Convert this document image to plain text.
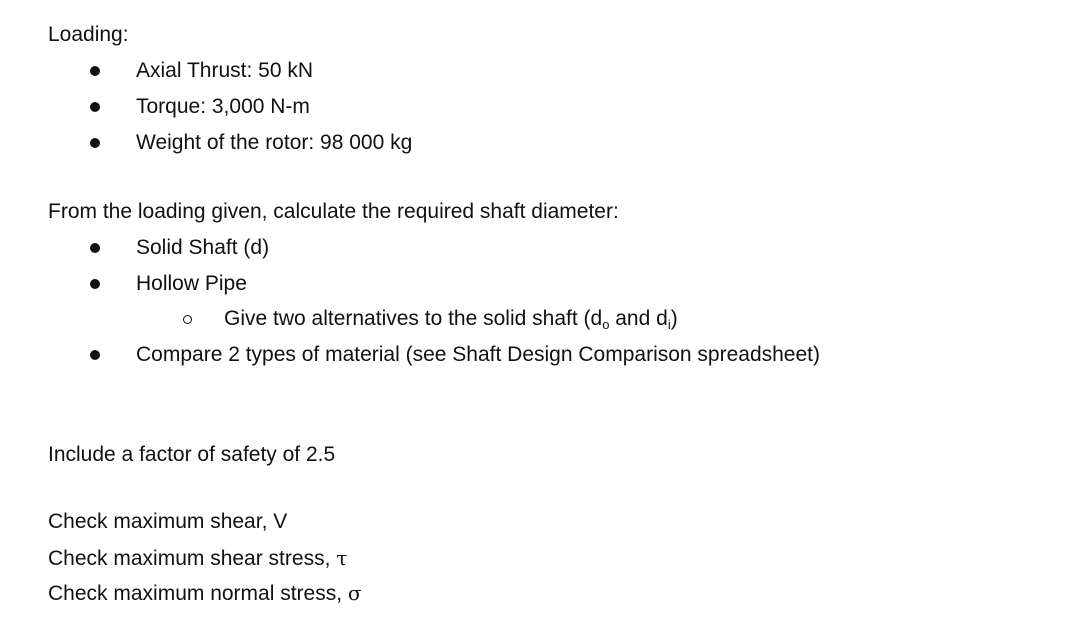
Loading:
Axial Thrust: 50 kN
Torque: 3,000 N-m
Weight of the rotor: 98 000 kg
From the loading given, calculate the required shaft diameter:
Solid Shaft (d)
Hollow Pipe
Give two alternatives to the solid shaft ($d_o$ and $d_i$)
Compare 2 types of material (see Shaft Design Comparison spreadsheet)
Include a factor of safety of 2.5
Check maximum shear, V
Check maximum shear stress, τ
Check maximum normal stress, σ
